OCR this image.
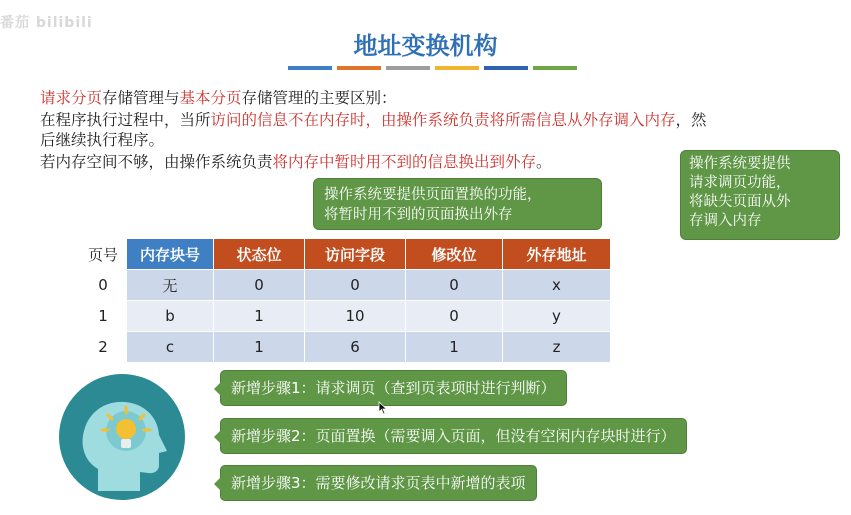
番茄 bilibili
地址变换机构
请求分页存储管理与基本分页存储管理的主要区别：
在程序执行过程中，当所访问的信息不在内存时，由操作系统负责将所需信息从外存调入内存，然
后继续执行程序。
若内存空间不够，由操作系统负责将内存中暂时用不到的信息换出到外存。
操作系统要提供页面置换的功能，
将暂时用不到的页面换出外存
操作系统要提供
请求调页功能，
将缺失页面从外
存调入内存
页号	内存块号	状态位	访问字段	修改位	外存地址
0	无	0	0	0	x
1	b	1	10	0	y
2	c	1	6	1	z
新增步骤1：请求调页（查到页表项时进行判断）
新增步骤2：页面置换（需要调入页面，但没有空闲内存块时进行）
新增步骤3：需要修改请求页表中新增的表项
